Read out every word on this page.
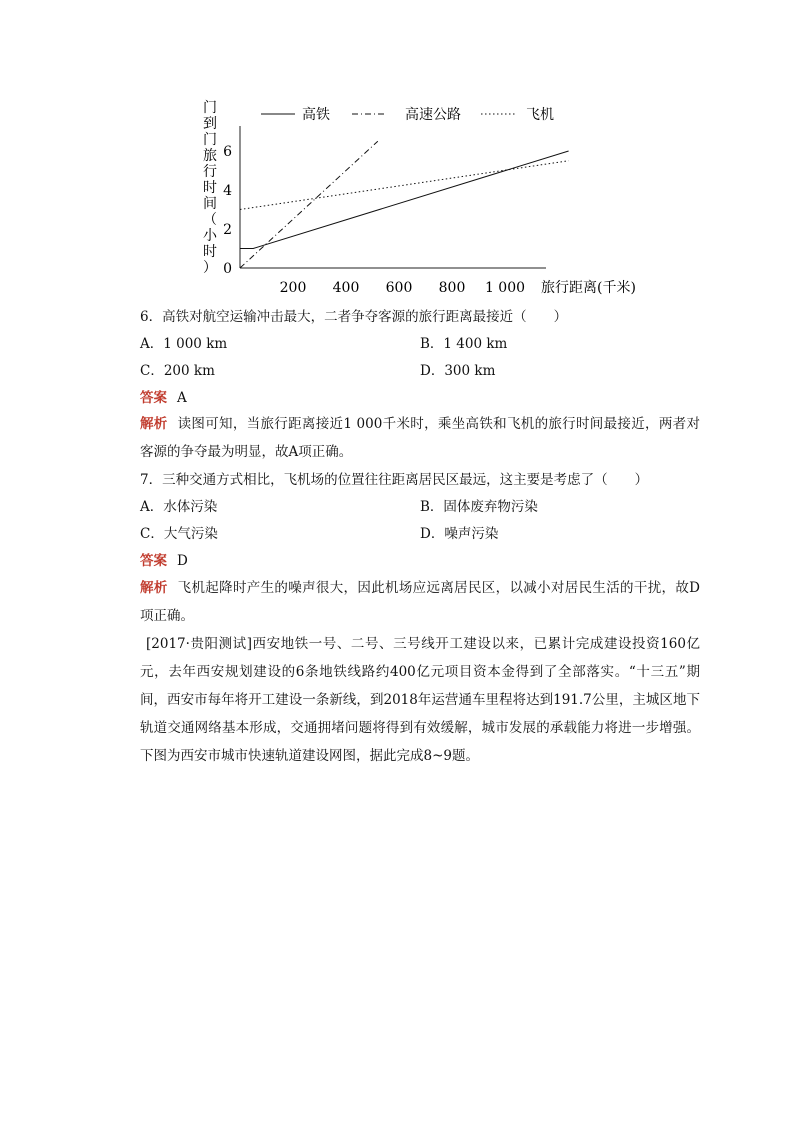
门
到
门
旅
行
时
间
（
小
时
） 0
2
4
6
200 400 600 800 1 000 旅行距离(千米)
高铁	高速公路	飞机
6．高铁对航空运输冲击最大，二者争夺客源的旅行距离最接近（　　）
A．1 000 km	B．1 400 km
C．200 km	D．300 km
答案 A
解析 读图可知，当旅行距离接近1 000千米时，乘坐高铁和飞机的旅行时间最接近，两者对客源的争夺最为明显，故A项正确。
7．三种交通方式相比，飞机场的位置往往距离居民区最远，这主要是考虑了（　　）
A．水体污染	B．固体废弃物污染
C．大气污染	D．噪声污染
答案 D
解析 飞机起降时产生的噪声很大，因此机场应远离居民区，以减小对居民生活的干扰，故D项正确。
[2017·贵阳测试]西安地铁一号、二号、三号线开工建设以来，已累计完成建设投资160亿元，去年西安规划建设的6条地铁线路约400亿元项目资本金得到了全部落实。“十三五”期间，西安市每年将开工建设一条新线，到2018年运营通车里程将达到191.7公里，主城区地下轨道交通网络基本形成，交通拥堵问题将得到有效缓解，城市发展的承载能力将进一步增强。下图为西安市城市快速轨道建设网图，据此完成8~9题。
